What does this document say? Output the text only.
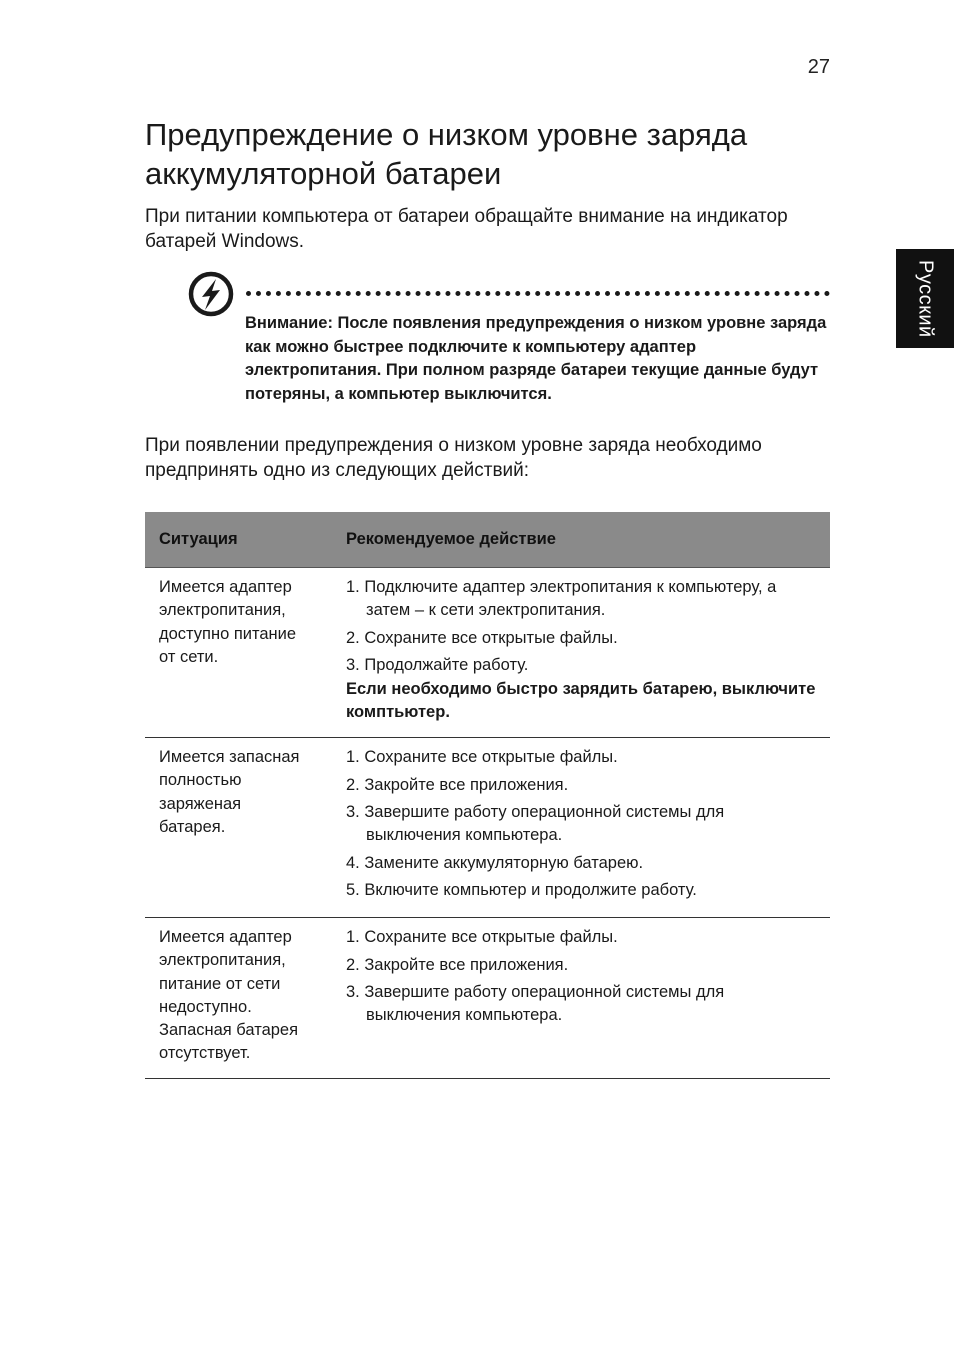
27
Русский
Предупреждение о низком уровне заряда аккумуляторной батареи

При питании компьютера от батареи обращайте внимание на индикатор батарей Windows.

Внимание: После появления предупреждения о низком уровне заряда как можно быстрее подключите к компьютеру адаптер электропитания. При полном разряде батареи текущие данные будут потеряны, а компьютер выключится.

При появлении предупреждения о низком уровне заряда необходимо предпринять одно из следующих действий:

Ситуация	Рекомендуемое действие
Имеется адаптер
электропитания,
доступно питание
от сети.
1. Подключите адаптер электропитания к компьютеру, а затем – к сети электропитания.
2. Сохраните все открытые файлы.
3. Продолжайте работу.
Если необходимо быстро зарядить батарею, выключите комптьютер.
Имеется запасная
полностью
заряженая
батарея.
1. Сохраните все открытые файлы.
2. Закройте все приложения.
3. Завершите работу операционной системы для выключения компьютера.
4. Замените аккумуляторную батарею.
5. Включите компьютер и продолжите работу.
Имеется адаптер
электропитания,
питание от сети
недоступно.
Запасная батарея
отсутствует.
1. Сохраните все открытые файлы.
2. Закройте все приложения.
3. Завершите работу операционной системы для выключения компьютера.
